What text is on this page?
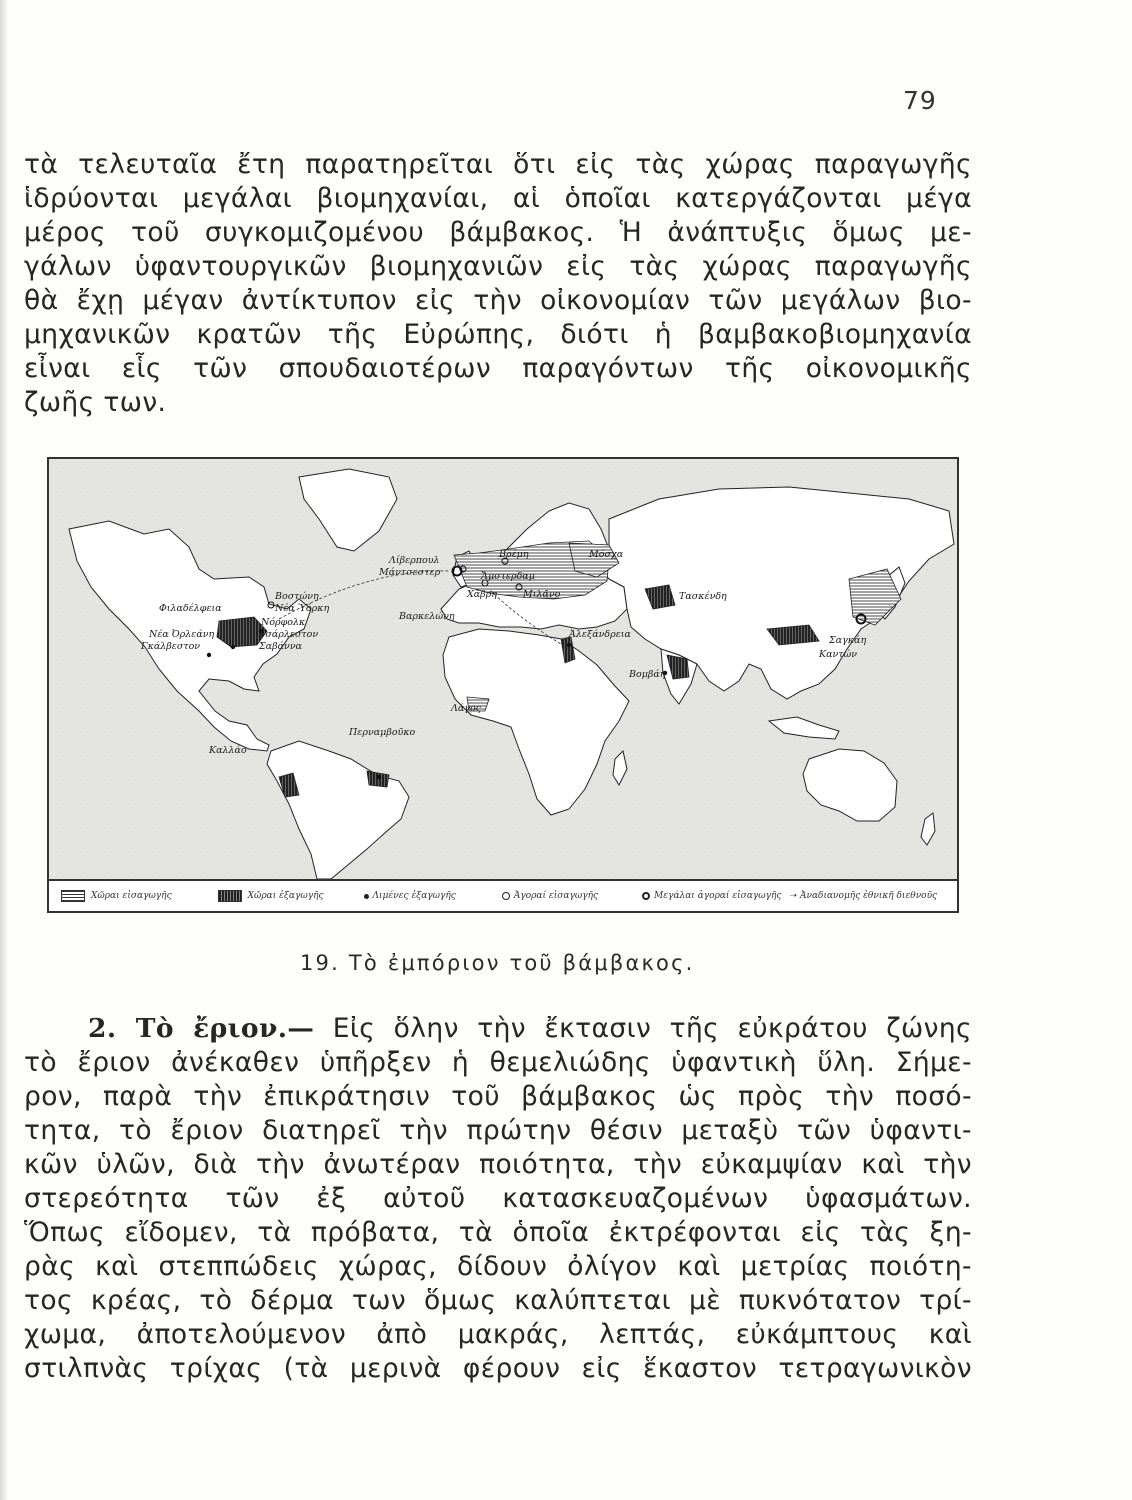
79
τὰ τελευταῖα ἔτη παρατηρεῖται ὅτι εἰς τὰς χώρας παραγωγῆς
ἱδρύονται μεγάλαι βιομηχανίαι, αἱ ὁποῖαι κατεργάζονται μέγα
μέρος τοῦ συγκομιζομένου βάμβακος. Ἡ ἀνάπτυξις ὅμως με-
γάλων ὑφαντουργικῶν βιομηχανιῶν εἰς τὰς χώρας παραγωγῆς
θὰ ἔχῃ μέγαν ἀντίκτυπον εἰς τὴν οἰκονομίαν τῶν μεγάλων βιο-
μηχανικῶν κρατῶν τῆς Εὐρώπης, διότι ἡ βαμβακοβιομηχανία
εἶναι εἷς τῶν σπουδαιοτέρων παραγόντων τῆς οἰκονομικῆς
ζωῆς των.
Φιλαδέλφεια
Νέα Ὀρλεάνη
Γκάλβεστον
Βοστώνη
Νέα Ὑόρκη
Νόρφολκ
Τσάρλεστον
Σαβάννα
Λίβερπουλ
Μάντσεστερ
Βρέμη
Ἄμστερδαμ
Χάβρη	Μιλᾶνο
Βαρκελώνη
Μόσχα
Τασκένδη
Ἀλεξάνδρεια
Βομβάη
Λάγος
Περναμβοῦκο
Καλλάο
Σαγκάη
Καντών
Χῶραι εἰσαγωγῆς	Χῶραι ἐξαγωγῆς	Λιμένες ἐξαγωγῆς	Ἀγοραί εἰσαγωγῆς	Μεγάλαι ἀγοραί εἰσαγωγῆς ➝ Ἀναδιανομῆς ἐθνικῆ διεθνοῦς
19. Τὸ ἐμπόριον τοῦ βάμβακος.
2. Τὸ ἔριον.— Εἰς ὅλην τὴν ἔκτασιν τῆς εὐκράτου ζώνης
τὸ ἔριον ἀνέκαθεν ὑπῆρξεν ἡ θεμελιώδης ὑφαντικὴ ὕλη. Σήμε-
ρον, παρὰ τὴν ἐπικράτησιν τοῦ βάμβακος ὡς πρὸς τὴν ποσό-
τητα, τὸ ἔριον διατηρεῖ τὴν πρώτην θέσιν μεταξὺ τῶν ὑφαντι-
κῶν ὑλῶν, διὰ τὴν ἀνωτέραν ποιότητα, τὴν εὐκαμψίαν καὶ τὴν
στερεότητα τῶν ἐξ αὐτοῦ κατασκευαζομένων ὑφασμάτων.
Ὅπως εἴδομεν, τὰ πρόβατα, τὰ ὁποῖα ἐκτρέφονται εἰς τὰς ξη-
ρὰς καὶ στεππώδεις χώρας, δίδουν ὀλίγον καὶ μετρίας ποιότη-
τος κρέας, τὸ δέρμα των ὅμως καλύπτεται μὲ πυκνότατον τρί-
χωμα, ἀποτελούμενον ἀπὸ μακράς, λεπτάς, εὐκάμπτους καὶ
στιλπνὰς τρίχας (τὰ μερινὰ φέρουν εἰς ἕκαστον τετραγωνικὸν
